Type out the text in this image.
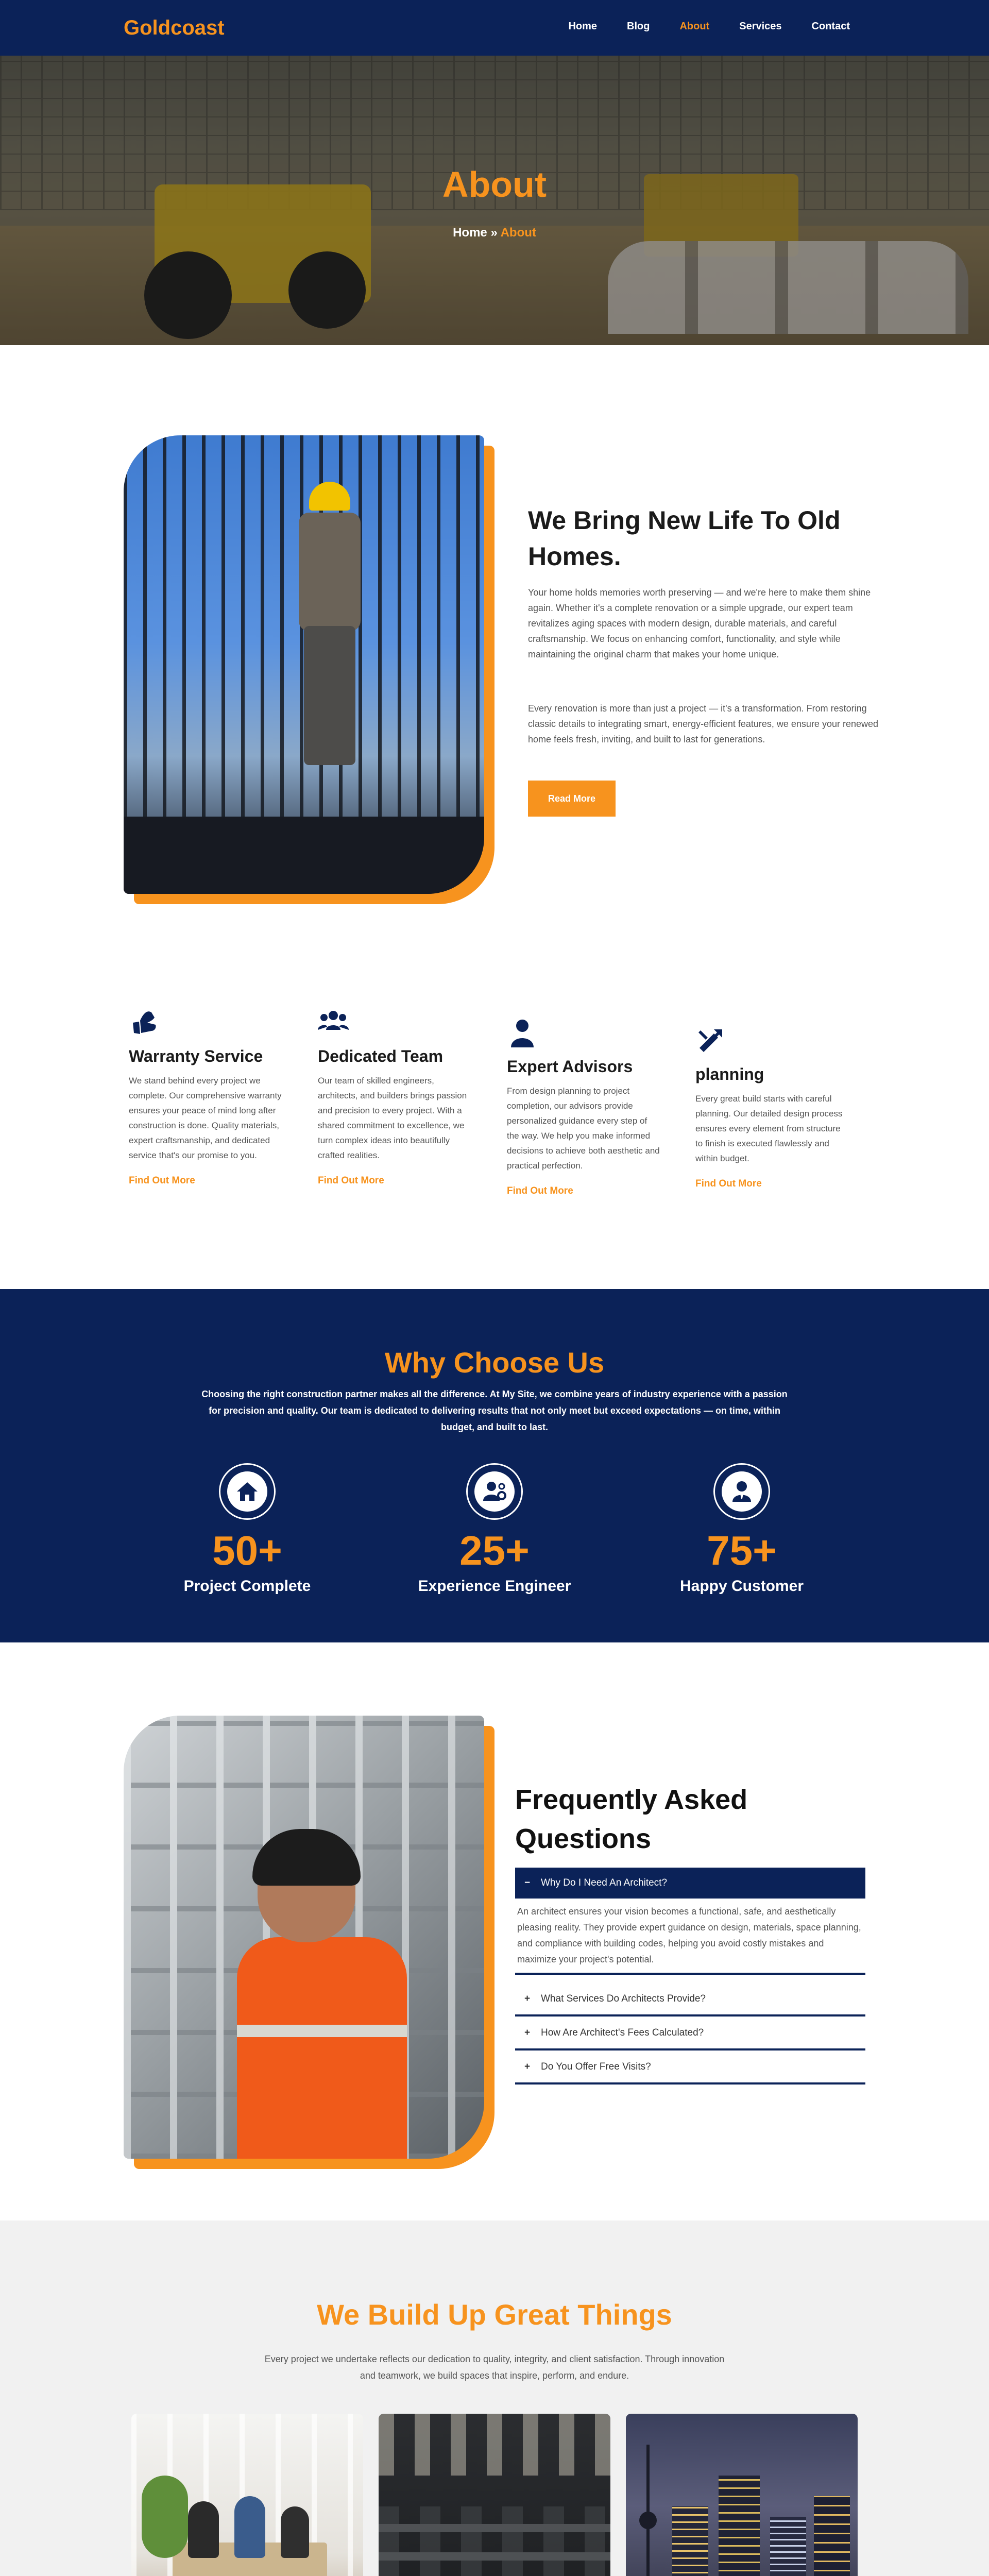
Goldcoast	Home	Blog	About	Services	Contact
About
Home » About
We Bring New Life To Old Homes.
Your home holds memories worth preserving — and we're here to make them shine again. Whether it's a complete renovation or a simple upgrade, our expert team revitalizes aging spaces with modern design, durable materials, and careful craftsmanship. We focus on enhancing comfort, functionality, and style while maintaining the original charm that makes your home unique.
Every renovation is more than just a project — it's a transformation. From restoring classic details to integrating smart, energy-efficient features, we ensure your renewed home feels fresh, inviting, and built to last for generations.
Read More
Warranty Service

We stand behind every project we complete. Our comprehensive warranty ensures your peace of mind long after construction is done. Quality materials, expert craftsmanship, and dedicated service that's our promise to you.

Find Out More
Dedicated Team

Our team of skilled engineers, architects, and builders brings passion and precision to every project. With a shared commitment to excellence, we turn complex ideas into beautifully crafted realities.

Find Out More
Expert Advisors

From design planning to project completion, our advisors provide personalized guidance every step of the way. We help you make informed decisions to achieve both aesthetic and practical perfection.

Find Out More
planning

Every great build starts with careful planning. Our detailed design process ensures every element from structure to finish is executed flawlessly and within budget.

Find Out More
Why Choose Us

Choosing the right construction partner makes all the difference. At My Site, we combine years of industry experience with a passion for precision and quality. Our team is dedicated to delivering results that not only meet but exceed expectations — on time, within budget, and built to last.

50+
Project Complete
25+
Experience Engineer
75+
Happy Customer
Frequently Asked Questions
−	Why Do I Need An Architect?
An architect ensures your vision becomes a functional, safe, and aesthetically pleasing reality. They provide expert guidance on design, materials, space planning, and compliance with building codes, helping you avoid costly mistakes and maximize your project's potential.
+	What Services Do Architects Provide?
+	How Are Architect's Fees Calculated?
+	Do You Offer Free Visits?
We Build Up Great Things

Every project we undertake reflects our dedication to quality, integrity, and client satisfaction. Through innovation and teamwork, we build spaces that inspire, perform, and endure.
